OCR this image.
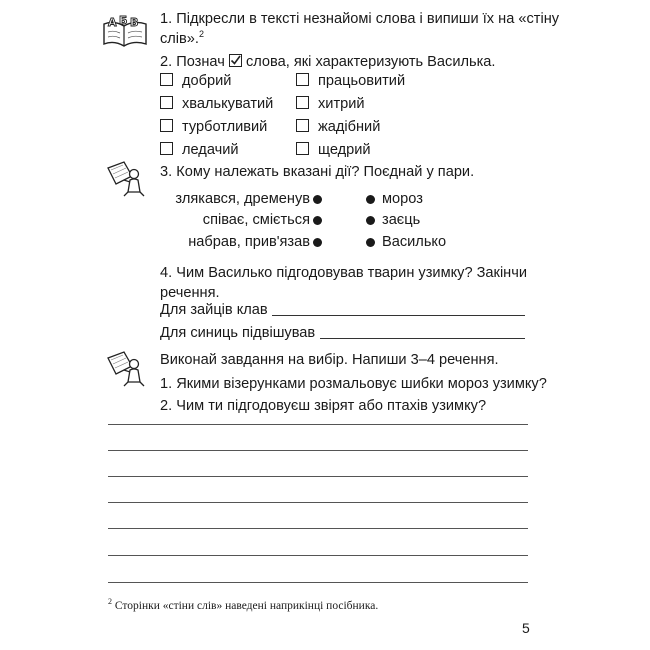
А Б В 1. Підкресли в тексті незнайомі слова і випиши їх на «стіну
слів».$^2$
2. Познач слова, які характеризують Василька.
добрий	працьовитий
хвалькуватий	хитрий
турботливий	жадібний
ледачий	щедрий
3. Кому належать вказані дії? Поєднай у пари.
злякався, дременув
співає, сміється
набрав, прив'язав
мороз
заєць
Василько
4. Чим Василько підгодовував тварин узимку? Закінчи
речення.
Для зайців клав
Для синиць підвішував
Виконай завдання на вибір. Напиши 3–4 речення.
1. Якими візерунками розмальовує шибки мороз узимку?
2. Чим ти підгодовуєш звірят або птахів узимку?
$^2$ Сторінки «стіни слів» наведені наприкінці посібника.
5
